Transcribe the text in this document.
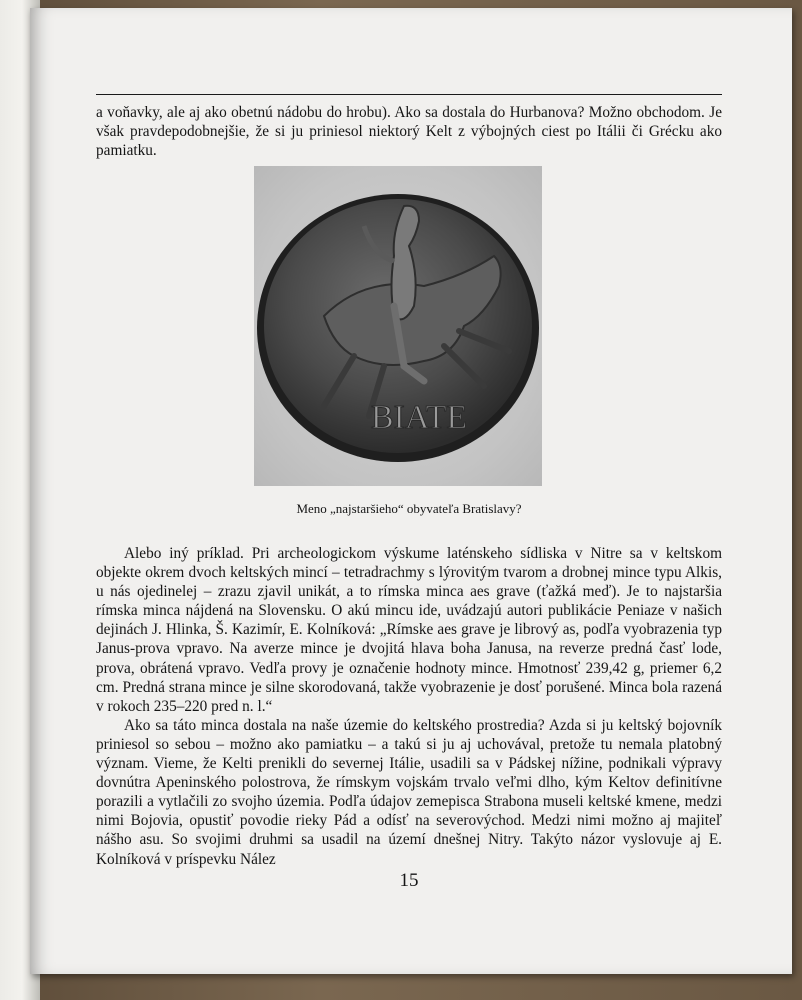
a voňavky, ale aj ako obetnú nádobu do hrobu). Ako sa dostala do Hurbanova? Možno obchodom. Je však pravdepodobnejšie, že si ju priniesol niektorý Kelt z výbojných ciest po Itálii či Grécku ako pamiatku.

BIATE
Meno „najstaršieho“ obyvateľa Bratislavy?

Alebo iný príklad. Pri archeologickom výskume laténskeho sídliska v Nitre sa v keltskom objekte okrem dvoch keltských mincí – tetradrachmy s lýrovitým tvarom a drobnej mince typu Alkis, u nás ojedinelej – zrazu zjavil unikát, a to rímska minca aes grave (ťažká meď). Je to najstaršia rímska minca nájdená na Slovensku. O akú mincu ide, uvádzajú autori publikácie Peniaze v našich dejinách J. Hlinka, Š. Kazimír, E. Kolníková: „Rímske aes grave je librový as, podľa vyobrazenia typ Janus-prova vpravo. Na averze mince je dvojitá hlava boha Janusa, na reverze predná časť lode, prova, obrátená vpravo. Vedľa provy je označenie hodnoty mince. Hmotnosť 239,42 g, priemer 6,2 cm. Predná strana mince je silne skorodovaná, takže vyobrazenie je dosť porušené. Minca bola razená v rokoch 235–220 pred n. l.“

Ako sa táto minca dostala na naše územie do keltského prostredia? Azda si ju keltský bojovník priniesol so sebou – možno ako pamiatku – a takú si ju aj uchovával, pretože tu nemala platobný význam. Vieme, že Kelti prenikli do severnej Itálie, usadili sa v Pádskej nížine, podnikali výpravy dovnútra Apeninského polostrova, že rímskym vojskám trvalo veľmi dlho, kým Keltov definitívne porazili a vytlačili zo svojho územia. Podľa údajov zemepisca Strabona museli keltské kmene, medzi nimi Bojovia, opustiť povodie rieky Pád a odísť na severovýchod. Medzi nimi možno aj majiteľ nášho asu. So svojimi druhmi sa usadil na území dnešnej Nitry. Takýto názor vyslovuje aj E. Kolníková v príspevku Nález

15
